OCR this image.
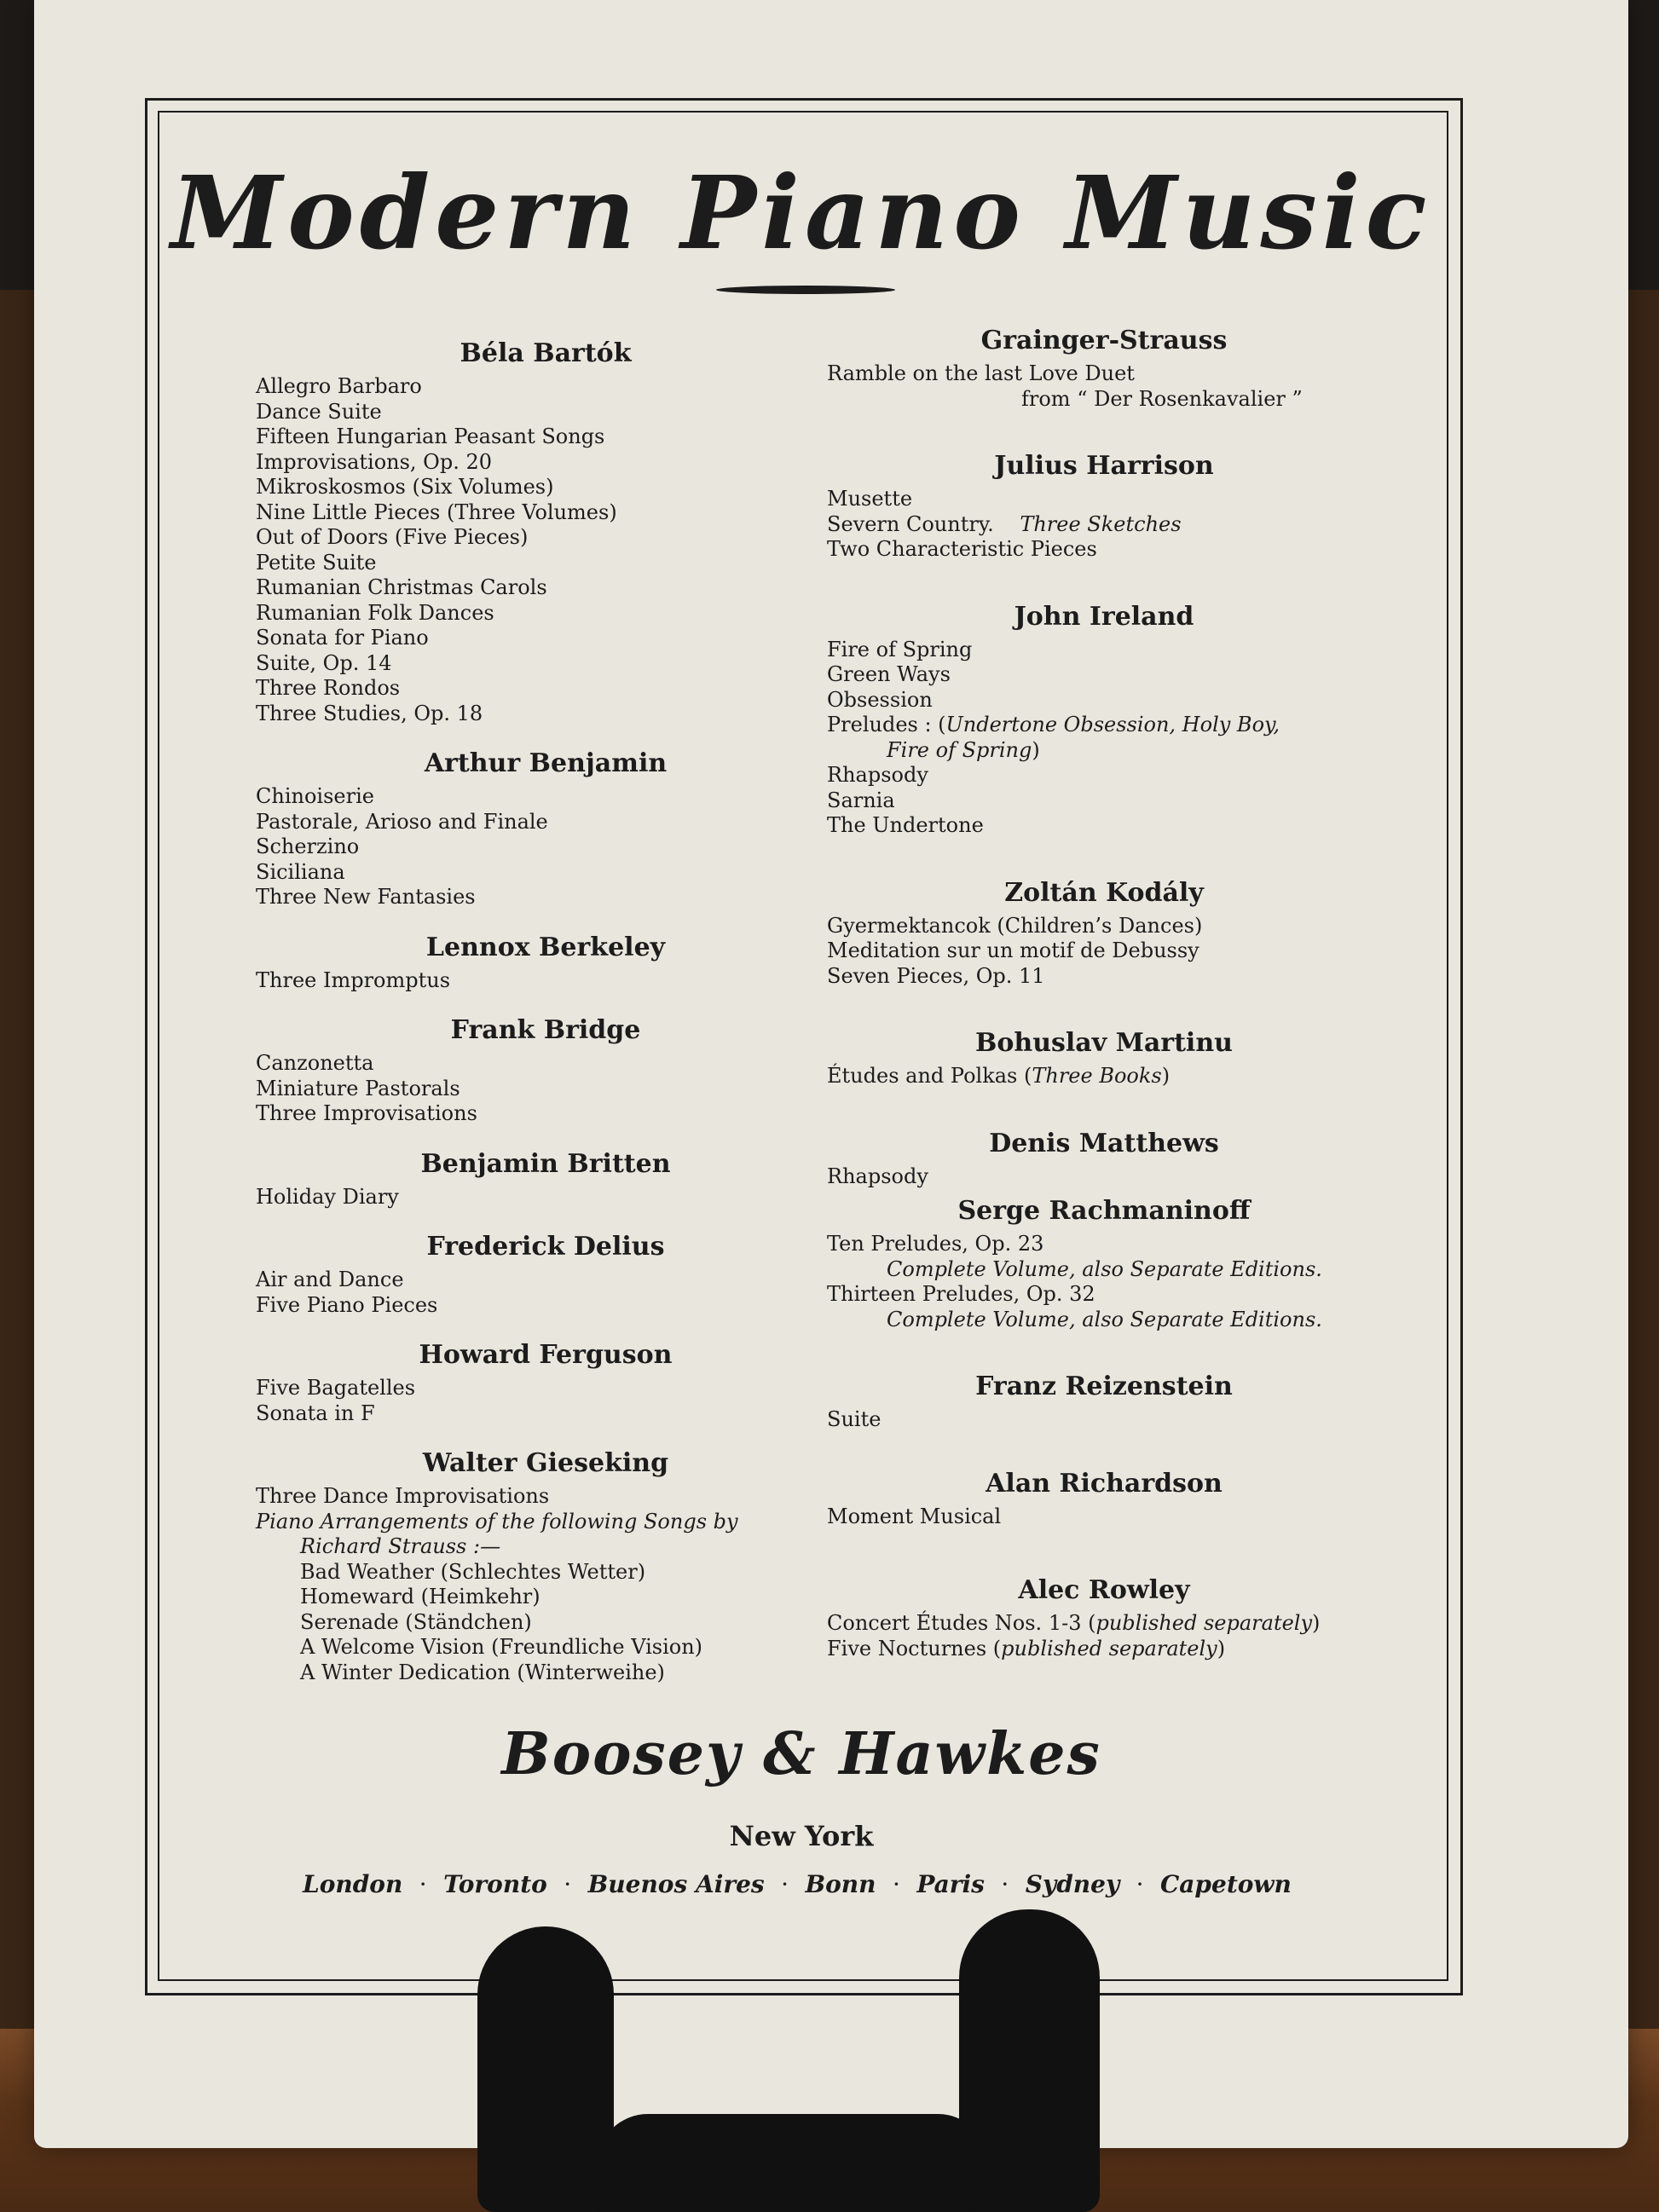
Modern Piano Music
Béla Bartók
Allegro Barbaro
Dance Suite
Fifteen Hungarian Peasant Songs
Improvisations, Op. 20
Mikroskosmos (Six Volumes)
Nine Little Pieces (Three Volumes)
Out of Doors (Five Pieces)
Petite Suite
Rumanian Christmas Carols
Rumanian Folk Dances
Sonata for Piano
Suite, Op. 14
Three Rondos
Three Studies, Op. 18
Arthur Benjamin
Chinoiserie
Pastorale, Arioso and Finale
Scherzino
Siciliana
Three New Fantasies
Lennox Berkeley
Three Impromptus
Frank Bridge
Canzonetta
Miniature Pastorals
Three Improvisations
Benjamin Britten
Holiday Diary
Frederick Delius
Air and Dance
Five Piano Pieces
Howard Ferguson
Five Bagatelles
Sonata in F
Walter Gieseking
Three Dance Improvisations
Piano Arrangements of the following Songs by
Richard Strauss :—
Bad Weather (Schlechtes Wetter)
Homeward (Heimkehr)
Serenade (Ständchen)
A Welcome Vision (Freundliche Vision)
A Winter Dedication (Winterweihe)
Grainger-Strauss
Ramble on the last Love Duet
from “ Der Rosenkavalier ”
Julius Harrison
Musette
Severn Country. Three Sketches
Two Characteristic Pieces
John Ireland
Fire of Spring
Green Ways
Obsession
Preludes : (Undertone Obsession, Holy Boy,
Fire of Spring)
Rhapsody
Sarnia
The Undertone
Zoltán Kodály
Gyermektancok (Children’s Dances)
Meditation sur un motif de Debussy
Seven Pieces, Op. 11
Bohuslav Martinu
Études and Polkas (Three Books)
Denis Matthews
Rhapsody
Serge Rachmaninoff
Ten Preludes, Op. 23
Complete Volume, also Separate Editions.
Thirteen Preludes, Op. 32
Complete Volume, also Separate Editions.
Franz Reizenstein
Suite
Alan Richardson
Moment Musical
Alec Rowley
Concert Études Nos. 1-3 (published separately)
Five Nocturnes (published separately)
Boosey & Hawkes
New York
London · Toronto · Buenos Aires · Bonn · Paris · Sydney · Capetown
